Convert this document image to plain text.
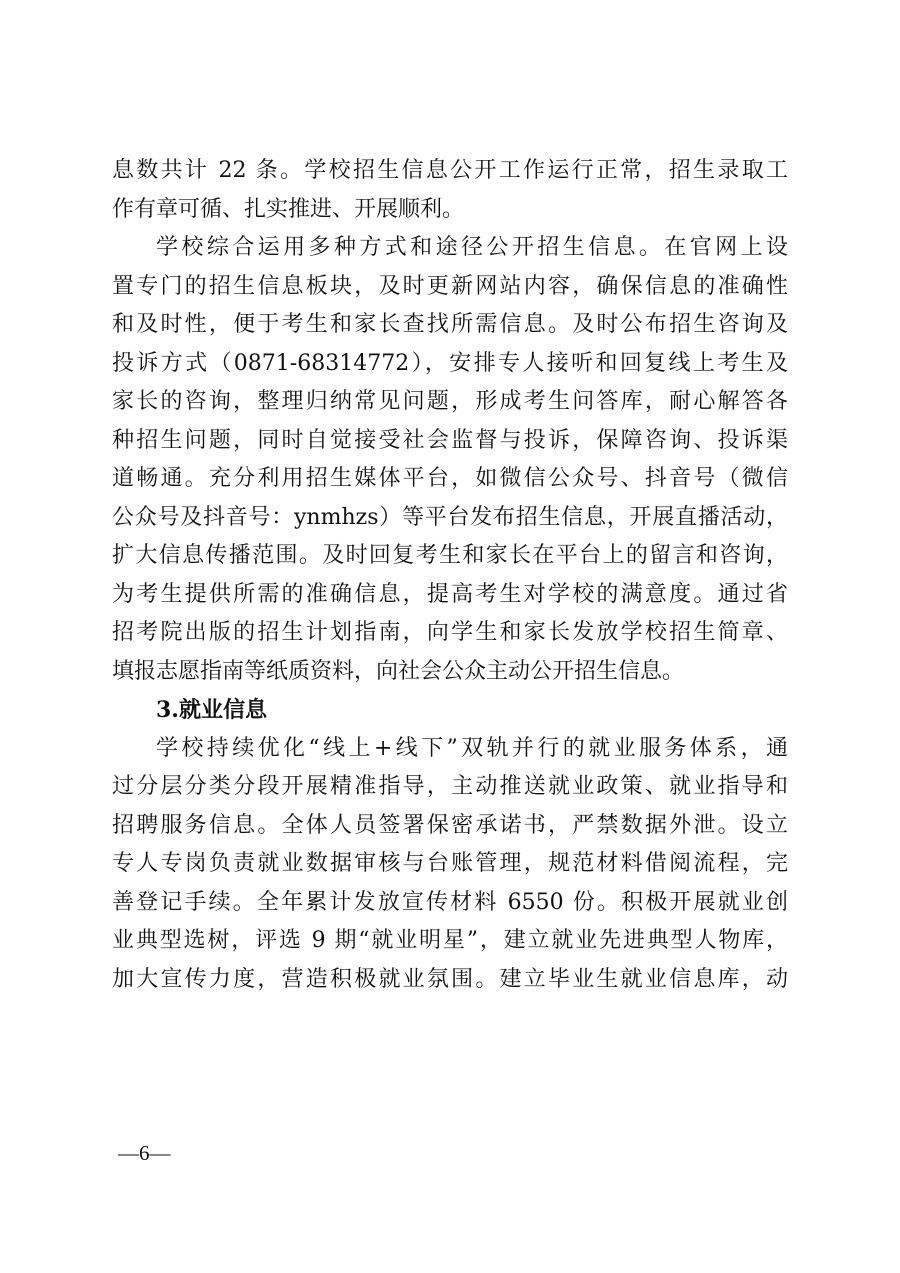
息数共计 22 条。学校招生信息公开工作运行正常，招生录取工
作有章可循、扎实推进、开展顺利。
学校综合运用多种方式和途径公开招生信息。在官网上设
置专门的招生信息板块，及时更新网站内容，确保信息的准确性
和及时性，便于考生和家长查找所需信息。及时公布招生咨询及
投诉方式（0871-68314772），安排专人接听和回复线上考生及
家长的咨询，整理归纳常见问题，形成考生问答库，耐心解答各
种招生问题，同时自觉接受社会监督与投诉，保障咨询、投诉渠
道畅通。充分利用招生媒体平台，如微信公众号、抖音号（微信
公众号及抖音号：ynmhzs）等平台发布招生信息，开展直播活动，
扩大信息传播范围。及时回复考生和家长在平台上的留言和咨询，
为考生提供所需的准确信息，提高考生对学校的满意度。通过省
招考院出版的招生计划指南，向学生和家长发放学校招生简章、
填报志愿指南等纸质资料，向社会公众主动公开招生信息。
3.就业信息
学校持续优化“线上+线下”双轨并行的就业服务体系，通
过分层分类分段开展精准指导，主动推送就业政策、就业指导和
招聘服务信息。全体人员签署保密承诺书，严禁数据外泄。设立
专人专岗负责就业数据审核与台账管理，规范材料借阅流程，完
善登记手续。全年累计发放宣传材料 6550 份。积极开展就业创
业典型选树，评选 9 期“就业明星”，建立就业先进典型人物库，
加大宣传力度，营造积极就业氛围。建立毕业生就业信息库，动
—6—
